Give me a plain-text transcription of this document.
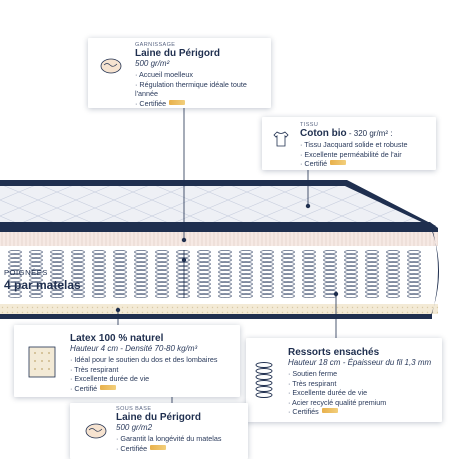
GARNISSAGE
Laine du Périgord
500 gr/m²
· Accueil moelleux
· Régulation thermique idéale toute l'année
· Certifiée
TISSU
Coton bio - 320 gr/m² :
· Tissu Jacquard solide et robuste
· Excellente perméabilité de l'air
· Certifié
POIGNÉES
4 par matelas
Latex 100 % naturel
Hauteur 4 cm - Densité 70-80 kg/m³
· Idéal pour le soutien du dos et des lombaires
· Très respirant
· Excellente durée de vie
· Certifié
Ressorts ensachés
Hauteur 18 cm - Épaisseur du fil 1,3 mm
· Soutien ferme
· Très respirant
· Excellente durée de vie
· Acier recyclé qualité premium
· Certifiés
SOUS BASE
Laine du Périgord
500 gr/m2
· Garantit la longévité du matelas
· Certifiée
